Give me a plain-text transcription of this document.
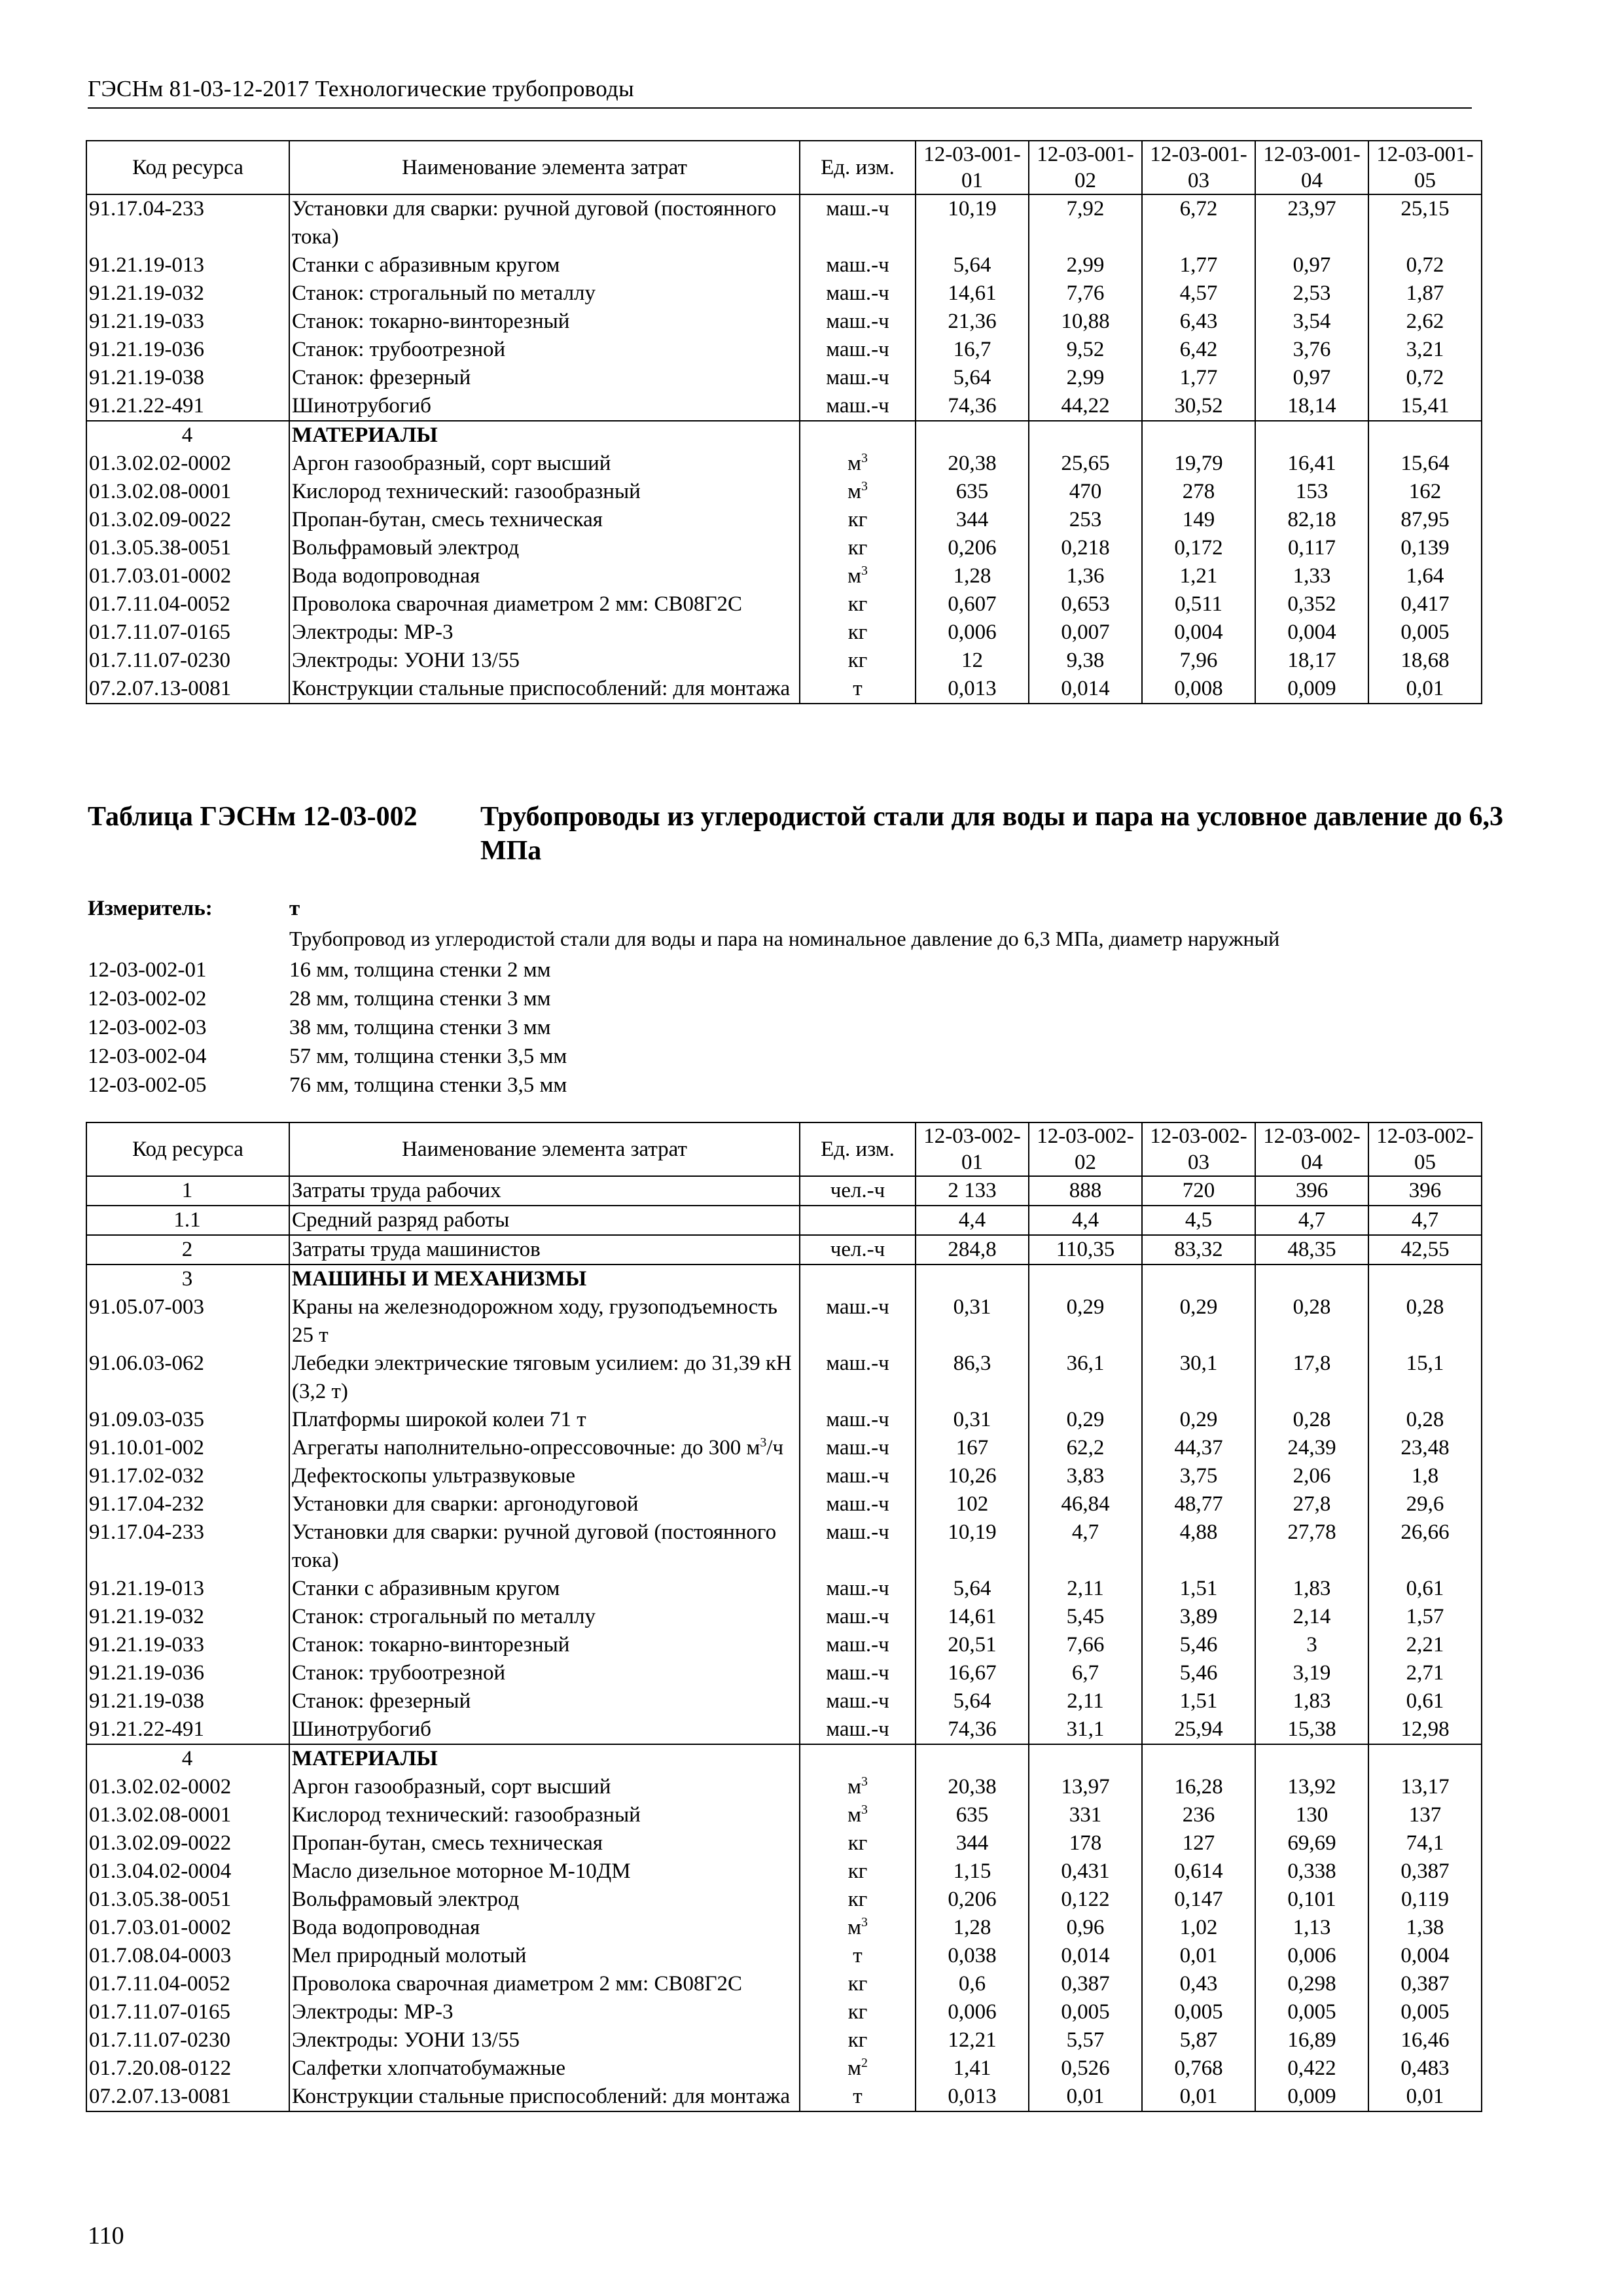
ГЭСНм 81-03-12-2017 Технологические трубопроводы
Код ресурса	Наименование элемента затрат	Ед. изм.	12-03-001-01	12-03-001-02	12-03-001-03	12-03-001-04	12-03-001-05
91.17.04-233	Установки для сварки: ручной дуговой (постоянного тока)	маш.-ч	10,19	7,92	6,72	23,97	25,15
91.21.19-013	Станки с абразивным кругом	маш.-ч	5,64	2,99	1,77	0,97	0,72
91.21.19-032	Станок: строгальный по металлу	маш.-ч	14,61	7,76	4,57	2,53	1,87
91.21.19-033	Станок: токарно-винторезный	маш.-ч	21,36	10,88	6,43	3,54	2,62
91.21.19-036	Станок: трубоотрезной	маш.-ч	16,7	9,52	6,42	3,76	3,21
91.21.19-038	Станок: фрезерный	маш.-ч	5,64	2,99	1,77	0,97	0,72
91.21.22-491	Шинотрубогиб	маш.-ч	74,36	44,22	30,52	18,14	15,41
4	МАТЕРИАЛЫ						
01.3.02.02-0002	Аргон газообразный, сорт высший	$м^3$	20,38	25,65	19,79	16,41	15,64
01.3.02.08-0001	Кислород технический: газообразный	$м^3$	635	470	278	153	162
01.3.02.09-0022	Пропан-бутан, смесь техническая	кг	344	253	149	82,18	87,95
01.3.05.38-0051	Вольфрамовый электрод	кг	0,206	0,218	0,172	0,117	0,139
01.7.03.01-0002	Вода водопроводная	$м^3$	1,28	1,36	1,21	1,33	1,64
01.7.11.04-0052	Проволока сварочная диаметром 2 мм: СВ08Г2С	кг	0,607	0,653	0,511	0,352	0,417
01.7.11.07-0165	Электроды: МР-3	кг	0,006	0,007	0,004	0,004	0,005
01.7.11.07-0230	Электроды: УОНИ 13/55	кг	12	9,38	7,96	18,17	18,68
07.2.07.13-0081	Конструкции стальные приспособлений: для монтажа	т	0,013	0,014	0,008	0,009	0,01
Таблица ГЭСНм 12-03-002 Трубопроводы из углеродистой стали для воды и пара на условное давление до 6,3 МПа
Измеритель:	т
Трубопровод из углеродистой стали для воды и пара на номинальное давление до 6,3 МПа, диаметр наружный
12-03-002-01	16 мм, толщина стенки 2 мм
12-03-002-02	28 мм, толщина стенки 3 мм
12-03-002-03	38 мм, толщина стенки 3 мм
12-03-002-04	57 мм, толщина стенки 3,5 мм
12-03-002-05	76 мм, толщина стенки 3,5 мм
Код ресурса	Наименование элемента затрат	Ед. изм.	12-03-002-01	12-03-002-02	12-03-002-03	12-03-002-04	12-03-002-05
1	Затраты труда рабочих	чел.-ч	2 133	888	720	396	396
1.1	Средний разряд работы		4,4	4,4	4,5	4,7	4,7
2	Затраты труда машинистов	чел.-ч	284,8	110,35	83,32	48,35	42,55
3	МАШИНЫ И МЕХАНИЗМЫ						
91.05.07-003	Краны на железнодорожном ходу, грузоподъемность 25 т	маш.-ч	0,31	0,29	0,29	0,28	0,28
91.06.03-062	Лебедки электрические тяговым усилием: до 31,39 кН (3,2 т)	маш.-ч	86,3	36,1	30,1	17,8	15,1
91.09.03-035	Платформы широкой колеи 71 т	маш.-ч	0,31	0,29	0,29	0,28	0,28
91.10.01-002	Агрегаты наполнительно-опрессовочные: до 300 $м^3/ч$	маш.-ч	167	62,2	44,37	24,39	23,48
91.17.02-032	Дефектоскопы ультразвуковые	маш.-ч	10,26	3,83	3,75	2,06	1,8
91.17.04-232	Установки для сварки: аргонодуговой	маш.-ч	102	46,84	48,77	27,8	29,6
91.17.04-233	Установки для сварки: ручной дуговой (постоянного тока)	маш.-ч	10,19	4,7	4,88	27,78	26,66
91.21.19-013	Станки с абразивным кругом	маш.-ч	5,64	2,11	1,51	1,83	0,61
91.21.19-032	Станок: строгальный по металлу	маш.-ч	14,61	5,45	3,89	2,14	1,57
91.21.19-033	Станок: токарно-винторезный	маш.-ч	20,51	7,66	5,46	3	2,21
91.21.19-036	Станок: трубоотрезной	маш.-ч	16,67	6,7	5,46	3,19	2,71
91.21.19-038	Станок: фрезерный	маш.-ч	5,64	2,11	1,51	1,83	0,61
91.21.22-491	Шинотрубогиб	маш.-ч	74,36	31,1	25,94	15,38	12,98
4	МАТЕРИАЛЫ						
01.3.02.02-0002	Аргон газообразный, сорт высший	$м^3$	20,38	13,97	16,28	13,92	13,17
01.3.02.08-0001	Кислород технический: газообразный	$м^3$	635	331	236	130	137
01.3.02.09-0022	Пропан-бутан, смесь техническая	кг	344	178	127	69,69	74,1
01.3.04.02-0004	Масло дизельное моторное М-10ДМ	кг	1,15	0,431	0,614	0,338	0,387
01.3.05.38-0051	Вольфрамовый электрод	кг	0,206	0,122	0,147	0,101	0,119
01.7.03.01-0002	Вода водопроводная	$м^3$	1,28	0,96	1,02	1,13	1,38
01.7.08.04-0003	Мел природный молотый	т	0,038	0,014	0,01	0,006	0,004
01.7.11.04-0052	Проволока сварочная диаметром 2 мм: СВ08Г2С	кг	0,6	0,387	0,43	0,298	0,387
01.7.11.07-0165	Электроды: МР-3	кг	0,006	0,005	0,005	0,005	0,005
01.7.11.07-0230	Электроды: УОНИ 13/55	кг	12,21	5,57	5,87	16,89	16,46
01.7.20.08-0122	Салфетки хлопчатобумажные	$м^2$	1,41	0,526	0,768	0,422	0,483
07.2.07.13-0081	Конструкции стальные приспособлений: для монтажа	т	0,013	0,01	0,01	0,009	0,01
110
